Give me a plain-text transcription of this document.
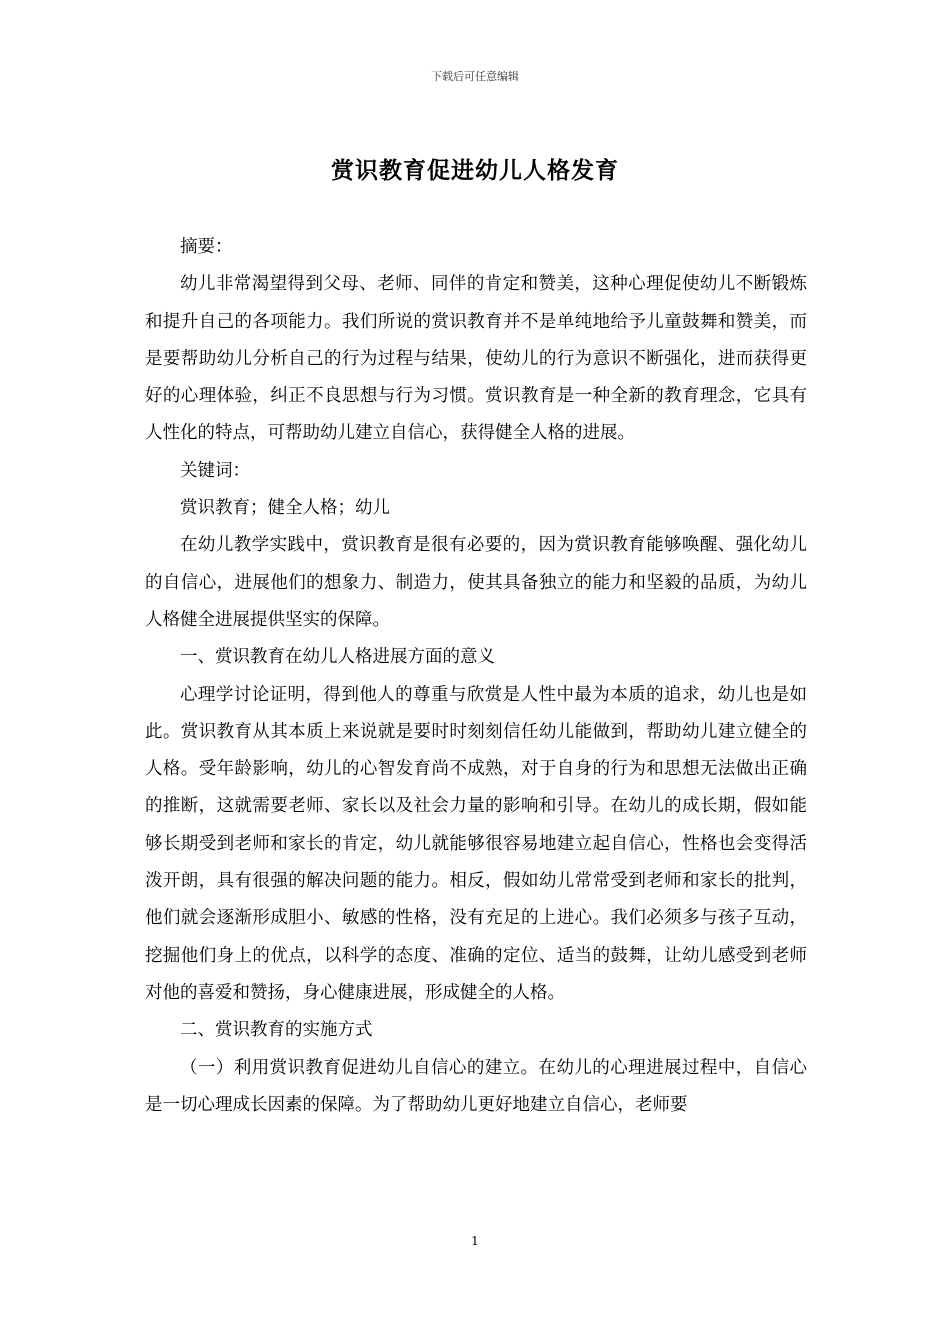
下载后可任意编辑
赏识教育促进幼儿人格发育

摘要：

幼儿非常渴望得到父母、老师、同伴的肯定和赞美，这种心理促使幼儿不断锻炼和提升自己的各项能力。我们所说的赏识教育并不是单纯地给予儿童鼓舞和赞美，而是要帮助幼儿分析自己的行为过程与结果，使幼儿的行为意识不断强化，进而获得更好的心理体验，纠正不良思想与行为习惯。赏识教育是一种全新的教育理念，它具有人性化的特点，可帮助幼儿建立自信心，获得健全人格的进展。

关键词：

赏识教育；健全人格；幼儿

在幼儿教学实践中，赏识教育是很有必要的，因为赏识教育能够唤醒、强化幼儿的自信心，进展他们的想象力、制造力，使其具备独立的能力和坚毅的品质，为幼儿人格健全进展提供坚实的保障。

一、赏识教育在幼儿人格进展方面的意义

心理学讨论证明，得到他人的尊重与欣赏是人性中最为本质的追求，幼儿也是如此。赏识教育从其本质上来说就是要时时刻刻信任幼儿能做到，帮助幼儿建立健全的人格。受年龄影响，幼儿的心智发育尚不成熟，对于自身的行为和思想无法做出正确的推断，这就需要老师、家长以及社会力量的影响和引导。在幼儿的成长期，假如能够长期受到老师和家长的肯定，幼儿就能够很容易地建立起自信心，性格也会变得活泼开朗，具有很强的解决问题的能力。相反，假如幼儿常常受到老师和家长的批判，他们就会逐渐形成胆小、敏感的性格，没有充足的上进心。我们必须多与孩子互动，挖掘他们身上的优点，以科学的态度、准确的定位、适当的鼓舞，让幼儿感受到老师对他的喜爱和赞扬，身心健康进展，形成健全的人格。

二、赏识教育的实施方式

（一）利用赏识教育促进幼儿自信心的建立。在幼儿的心理进展过程中，自信心是一切心理成长因素的保障。为了帮助幼儿更好地建立自信心，老师要

1
